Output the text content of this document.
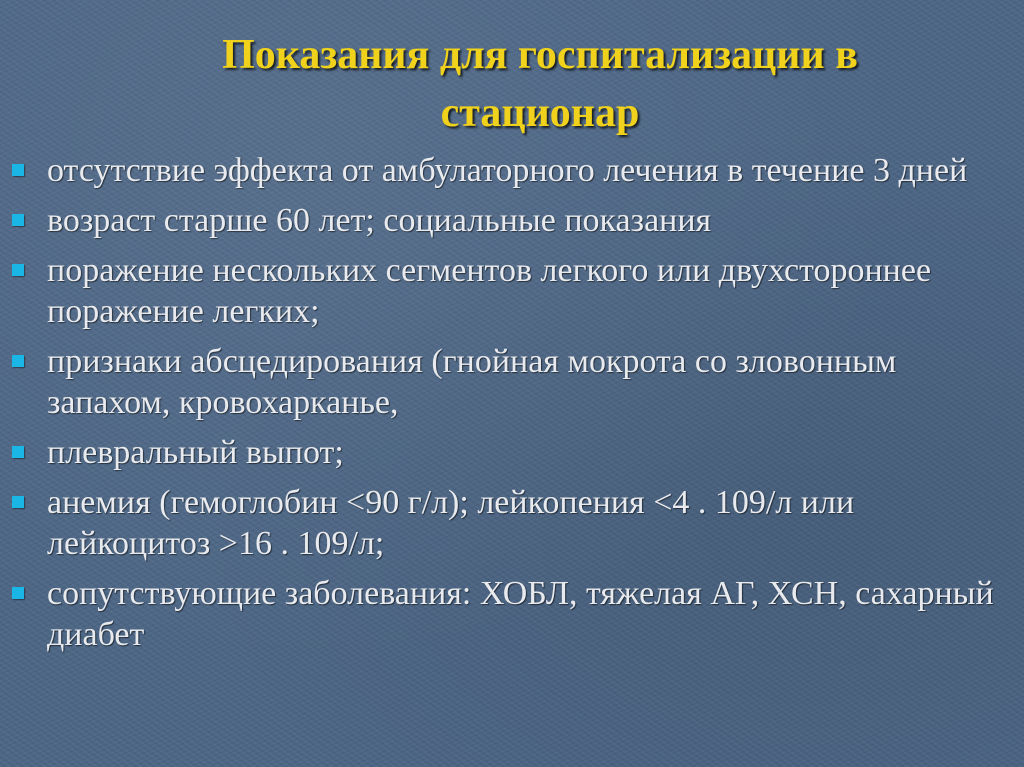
Показания для госпитализации в стационар
отсутствие эффекта от амбулаторного лечения в течение 3 дней
возраст старше 60 лет; социальные показания
поражение нескольких сегментов легкого или двухстороннее поражение легких;
признаки абсцедирования (гнойная мокрота со зловонным запахом, кровохарканье,
плевральный выпот;
анемия (гемоглобин <90 г/л); лейкопения <4 . 109/л или лейкоцитоз >16 . 109/л;
сопутствующие заболевания: ХОБЛ, тяжелая АГ, ХСН, сахарный диабет
